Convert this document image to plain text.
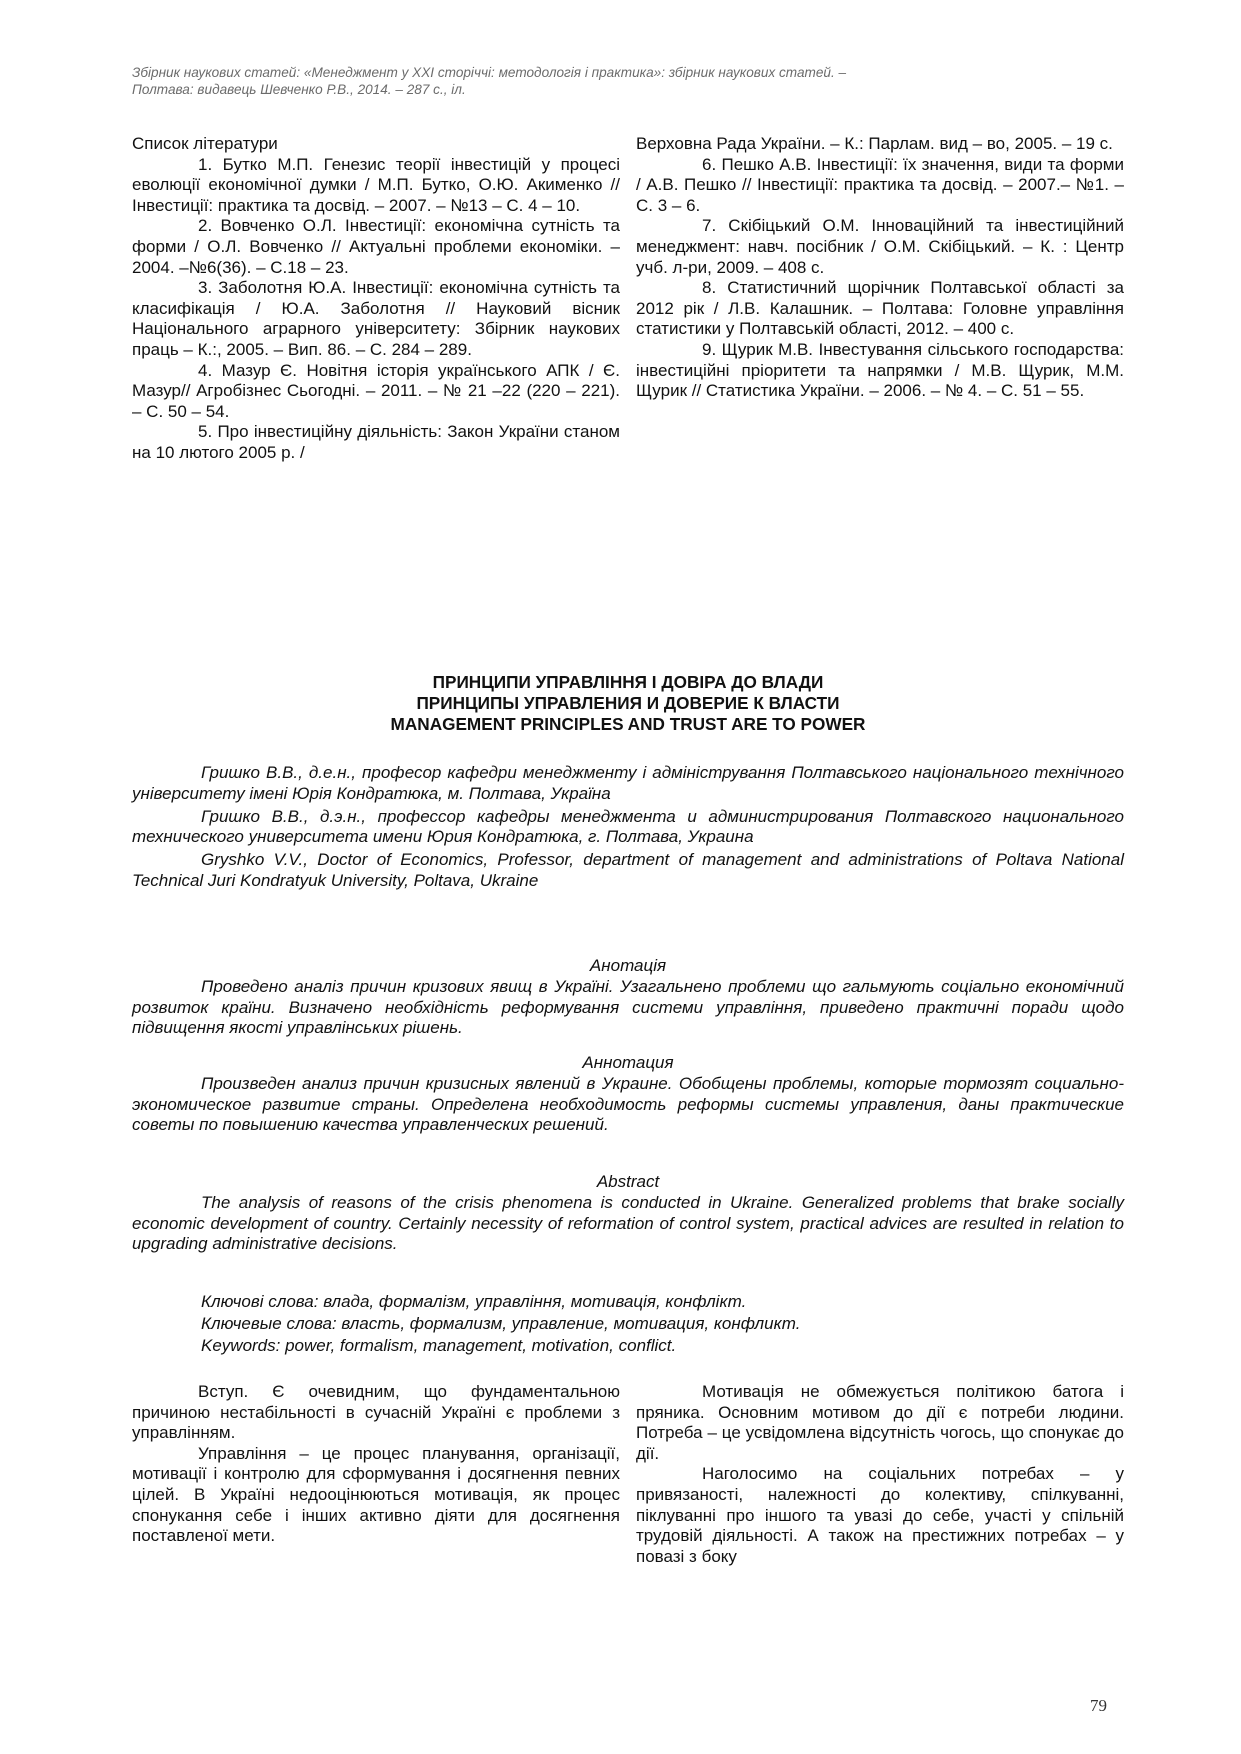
Збірник наукових статей: «Менеджмент у XXI сторіччі: методологія і практика»: збірник наукових статей. –
Полтава: видавець Шевченко Р.В., 2014. – 287 с., іл.

Список літератури

1. Бутко М.П. Генезис теорії інвестицій у процесі еволюції економічної думки / М.П. Бутко, О.Ю. Акименко // Інвестиції: практика та досвід. – 2007. – №13 – С. 4 – 10.

2. Вовченко О.Л. Інвестиції: економічна сутність та форми / О.Л. Вовченко // Актуальні проблеми економіки. – 2004. –№6(36). – С.18 – 23.

3. Заболотня Ю.А. Інвестиції: економічна сутність та класифікація / Ю.А. Заболотня // Науковий вісник Національного аграрного університету: Збірник наукових праць – К.:, 2005. – Вип. 86. – С. 284 – 289.

4. Мазур Є. Новітня історія українського АПК / Є. Мазур// Агробізнес Сьогодні. – 2011. – № 21 –22 (220 – 221). – С. 50 – 54.

5. Про інвестиційну діяльність: Закон України станом на 10 лютого 2005 р. /

Верховна Рада України. – К.: Парлам. вид – во, 2005. – 19 с.

6. Пешко А.В. Інвестиції: їх значення, види та форми / А.В. Пешко // Інвестиції: практика та досвід. – 2007.– №1. – С. 3 – 6.

7. Скібіцький О.М. Інноваційний та інвестиційний менеджмент: навч. посібник / О.М. Скібіцький. – К. : Центр учб. л-ри, 2009. – 408 с.

8. Статистичний щорічник Полтавської області за 2012 рік / Л.В. Калашник. – Полтава: Головне управління статистики у Полтавській області, 2012. – 400 с.

9. Щурик М.В. Інвестування сільського господарства: інвестиційні пріоритети та напрямки / М.В. Щурик, М.М. Щурик // Статистика України. – 2006. – № 4. – С. 51 – 55.

ПРИНЦИПИ УПРАВЛІННЯ І ДОВІРА ДО ВЛАДИ
ПРИНЦИПЫ УПРАВЛЕНИЯ И ДОВЕРИЕ К ВЛАСТИ
MANAGEMENT PRINCIPLES AND TRUST ARE TO POWER

Гришко В.В., д.е.н., професор кафедри менеджменту і адміністрування Полтавського національного технічного університету імені Юрія Кондратюка, м. Полтава, Україна

Гришко В.В., д.э.н., профессор кафедры менеджмента и администрирования Полтавского национального технического университета имени Юрия Кондратюка, г. Полтава, Украина

Gryshko V.V., Doctor of Economics, Professor, department of management and administrations of Poltava National Technical Juri Kondratyuk University, Poltava, Ukraine

Анотація

Проведено аналіз причин кризових явищ в Україні. Узагальнено проблеми що гальмують соціально економічний розвиток країни. Визначено необхідність реформування системи управління, приведено практичні поради щодо підвищення якості управлінських рішень.

Аннотация

Произведен анализ причин кризисных явлений в Украине. Обобщены проблемы, которые тормозят социально-экономическое развитие страны. Определена необходимость реформы системы управления, даны практические советы по повышению качества управленческих решений.

Abstract

The analysis of reasons of the crisis phenomena is conducted in Ukraine. Generalized problems that brake socially economic development of country. Certainly necessity of reformation of control system, practical advices are resulted in relation to upgrading administrative decisions.

Ключові слова: влада, формалізм, управління, мотивація, конфлікт.
Ключевые слова: власть, формализм, управление, мотивация, конфликт.
Keywords: power, formalism, management, motivation, conflict.

Вступ. Є очевидним, що фундаментальною причиною нестабільності в сучасній Україні є проблеми з управлінням.

Управління – це процес планування, організації, мотивації і контролю для сформування і досягнення певних цілей. В Україні недооцінюються мотивація, як процес спонукання себе і інших активно діяти для досягнення поставленої мети.

Мотивація не обмежується політикою батога і пряника. Основним мотивом до дії є потреби людини. Потреба – це усвідомлена відсутність чогось, що спонукає до дії.

Наголосимо на соціальних потребах – у привязаності, належності до колективу, спілкуванні, піклуванні про іншого та увазі до себе, участі у спільній трудовій діяльності. А також на престижних потребах – у повазі з боку

79
